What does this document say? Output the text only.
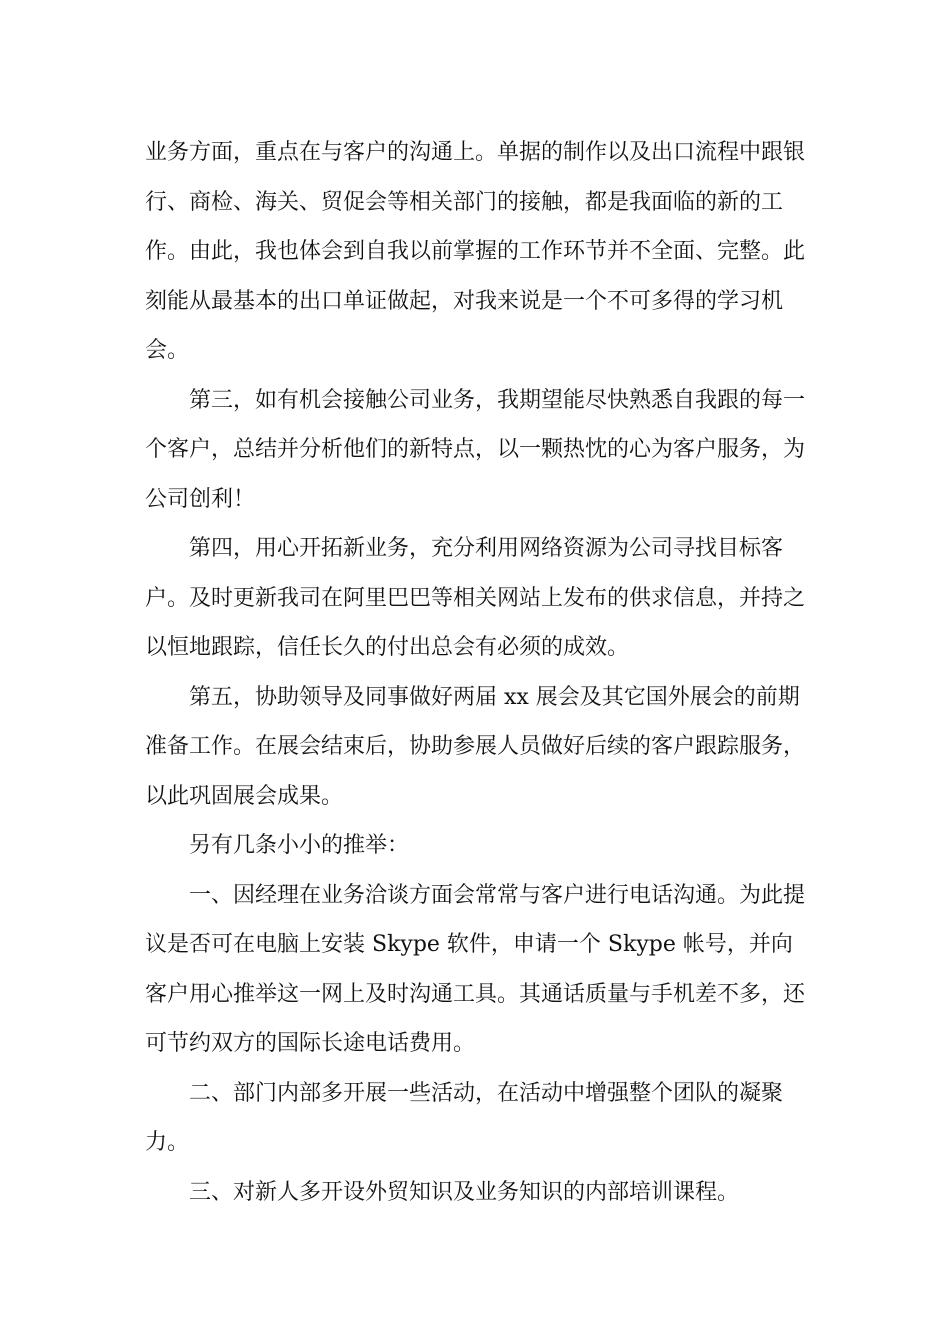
业务方面，重点在与客户的沟通上。单据的制作以及出口流程中跟银行、商检、海关、贸促会等相关部门的接触，都是我面临的新的工作。由此，我也体会到自我以前掌握的工作环节并不全面、完整。此刻能从最基本的出口单证做起，对我来说是一个不可多得的学习机会。

第三，如有机会接触公司业务，我期望能尽快熟悉自我跟的每一个客户，总结并分析他们的新特点，以一颗热忱的心为客户服务，为公司创利！

第四，用心开拓新业务，充分利用网络资源为公司寻找目标客户。及时更新我司在阿里巴巴等相关网站上发布的供求信息，并持之以恒地跟踪，信任长久的付出总会有必须的成效。

第五，协助领导及同事做好两届 xx 展会及其它国外展会的前期准备工作。在展会结束后，协助参展人员做好后续的客户跟踪服务，以此巩固展会成果。

另有几条小小的推举：

一、因经理在业务洽谈方面会常常与客户进行电话沟通。为此提议是否可在电脑上安装 Skype 软件，申请一个 Skype 帐号，并向客户用心推举这一网上及时沟通工具。其通话质量与手机差不多，还可节约双方的国际长途电话费用。

二、部门内部多开展一些活动，在活动中增强整个团队的凝聚力。

三、对新人多开设外贸知识及业务知识的内部培训课程。
